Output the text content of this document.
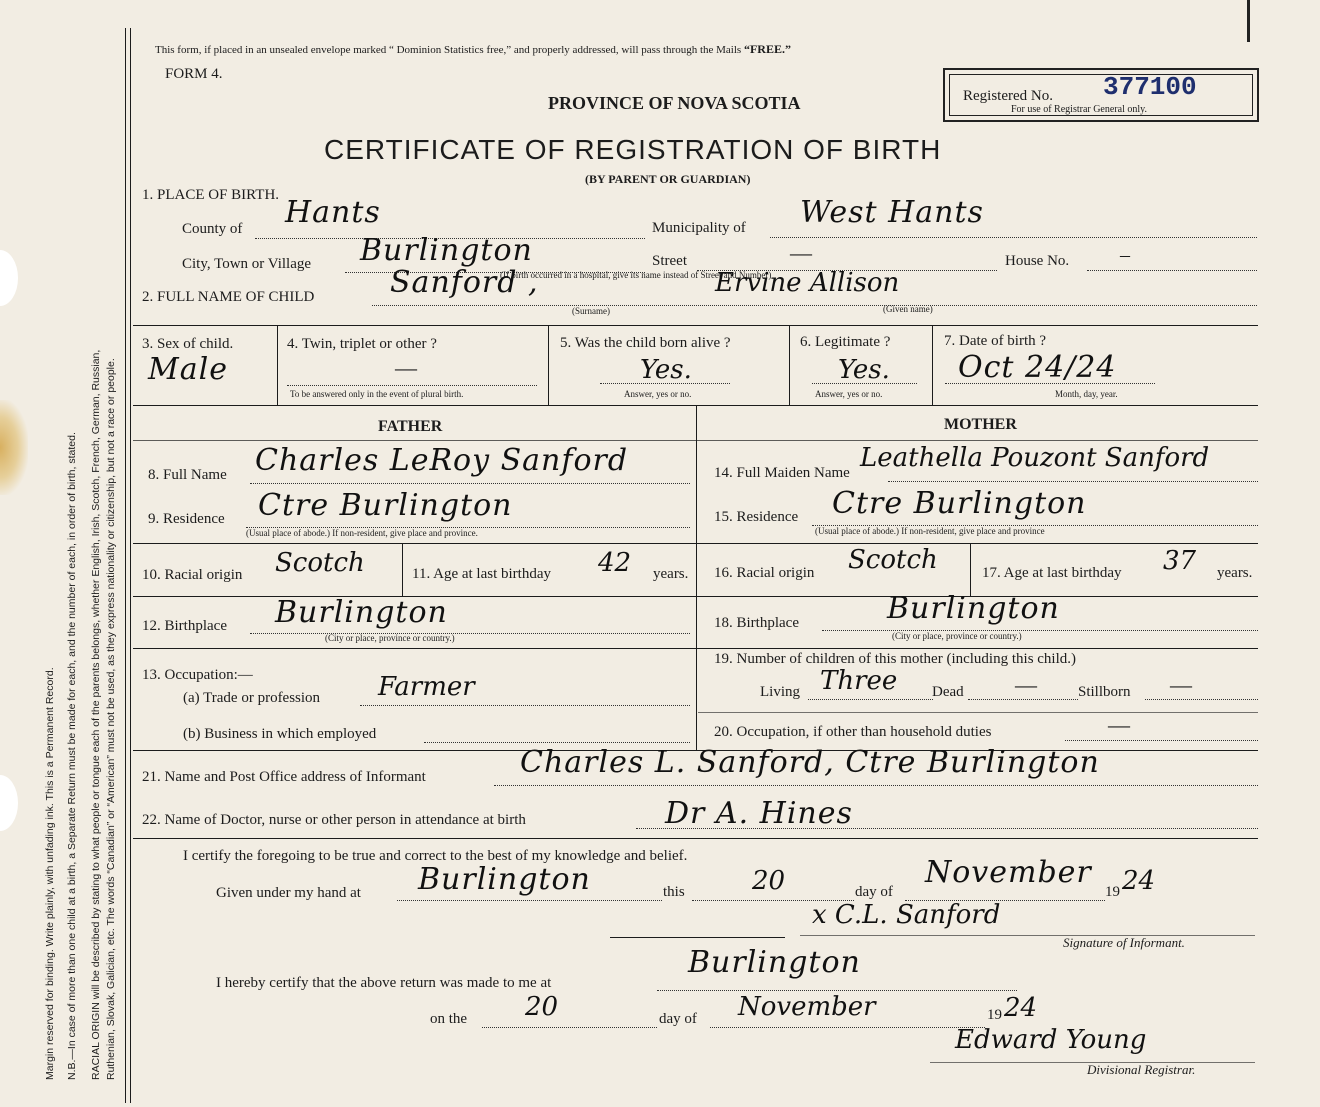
Margin reserved for binding. Write plainly, with unfading ink. This is a Permanent Record. N.B.—In case of more than one child at a birth, a Separate Return must be made for each, and the number of each, in order of birth, stated. RACIAL ORIGIN will be described by stating to what people or tongue each of the parents belongs, whether English, Irish, Scotch, French, German, Russian, Ruthenian, Slovak, Galician, etc. The words “Canadian” or “American” must not be used, as they express nationality or citizenship, but not a race or people.
This form, if placed in an unsealed envelope marked “ Dominion Statistics free,” and properly addressed, will pass through the Mails “FREE.”
FORM 4.
PROVINCE OF NOVA SCOTIA
CERTIFICATE OF REGISTRATION OF BIRTH
(BY PARENT OR GUARDIAN)
Registered No. 377100
For use of Registrar General only.
1. PLACE OF BIRTH.
County of Hants	Municipality of West Hants
City, Town or Village Burlington	Street	—	House No.	–
(If birth occurred in a hospital, give its name instead of Street and Number)
2. FULL NAME OF CHILD	Sanford ,	Ervine Allison
(Surname)	(Given name)
3. Sex of child.
Male
4. Twin, triplet or other ?
—
To be answered only in the event of plural birth.
5. Was the child born alive ?
Yes.
Answer, yes or no.
6. Legitimate ?
Yes.
Answer, yes or no.
7. Date of birth ?
Oct 24/24
Month, day, year.
FATHER	MOTHER
8. Full Name Charles LeRoy Sanford	14. Full Maiden Name Leathella Pouzont Sanford
9. Residence Ctre Burlington
(Usual place of abode.) If non-resident, give place and province.
15. Residence Ctre Burlington
(Usual place of abode.) If non-resident, give place and province
10. Racial origin Scotch	11. Age at last birthday 42 years. 16. Racial origin Scotch	17. Age at last birthday 37 years.
12. Birthplace Burlington
(City or place, province or country.)
18. Birthplace	Burlington
(City or place, province or country.)
13. Occupation:—
(a) Trade or profession Farmer
(b) Business in which employed
19. Number of children of this mother (including this child.)
Living Three Dead —	Stillborn —
20. Occupation, if other than household duties	—
21. Name and Post Office address of Informant	Charles L. Sanford, Ctre Burlington
22. Name of Doctor, nurse or other person in attendance at birth	Dr A. Hines
I certify the foregoing to be true and correct to the best of my knowledge and belief.
Given under my hand at Burlington	this	20	day of
November
19 24
x C.L. Sanford
Signature of Informant.
I hereby certify that the above return was made to me at
Burlington
on the 20	day of November	19 24
Edward Young
Divisional Registrar.
